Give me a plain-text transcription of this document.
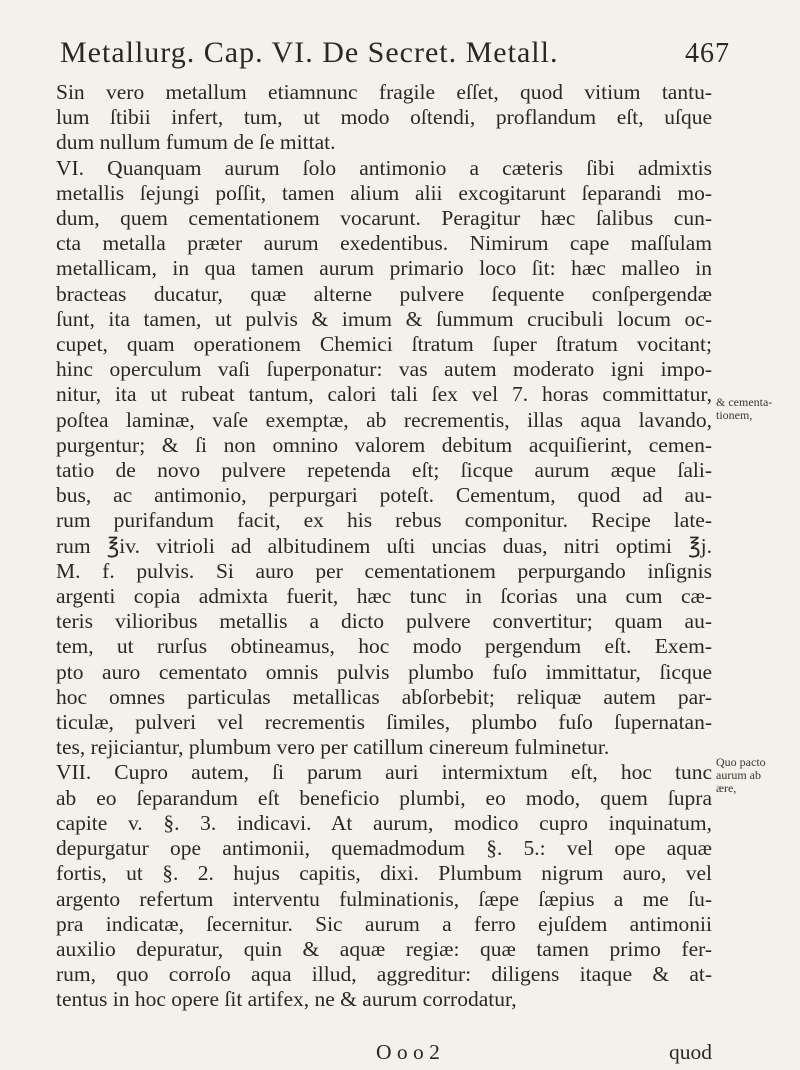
Metallurg. Cap. VI. De Secret. Metall.	467
Sin vero metallum etiamnunc fragile eſſet, quod vitium tantu-
lum ſtibii infert, tum, ut modo oſtendi, proflandum eſt, uſque
dum nullum fumum de ſe mittat.
VI. Quanquam aurum ſolo antimonio a cæteris ſibi admixtis
metallis ſejungi poſſit, tamen alium alii excogitarunt ſeparandi mo-
dum, quem cementationem vocarunt. Peragitur hæc ſalibus cun-
cta metalla præter aurum exedentibus. Nimirum cape maſſulam
metallicam, in qua tamen aurum primario loco ſit: hæc malleo in
bracteas ducatur, quæ alterne pulvere ſequente conſpergendæ
ſunt, ita tamen, ut pulvis & imum & ſummum crucibuli locum oc-
cupet, quam operationem Chemici ſtratum ſuper ſtratum vocitant;
hinc operculum vaſi ſuperponatur: vas autem moderato igni impo-
nitur, ita ut rubeat tantum, calori tali ſex vel 7. horas committatur,
poſtea laminæ, vaſe exemptæ, ab recrementis, illas aqua lavando,
purgentur; & ſi non omnino valorem debitum acquiſierint, cemen-
tatio de novo pulvere repetenda eſt; ſicque aurum æque ſali-
bus, ac antimonio, perpurgari poteſt. Cementum, quod ad au-
rum purifandum facit, ex his rebus componitur. Recipe late-
rum ℥iv. vitrioli ad albitudinem uſti uncias duas, nitri optimi ℥j.
M. f. pulvis. Si auro per cementationem perpurgando inſignis
argenti copia admixta fuerit, hæc tunc in ſcorias una cum cæ-
teris vilioribus metallis a dicto pulvere convertitur; quam au-
tem, ut rurſus obtineamus, hoc modo pergendum eſt. Exem-
pto auro cementato omnis pulvis plumbo fuſo immittatur, ſicque
hoc omnes particulas metallicas abſorbebit; reliquæ autem par-
ticulæ, pulveri vel recrementis ſimiles, plumbo fuſo ſupernatan-
tes, rejiciantur, plumbum vero per catillum cinereum fulminetur.
VII. Cupro autem, ſi parum auri intermixtum eſt, hoc tunc
ab eo ſeparandum eſt beneficio plumbi, eo modo, quem ſupra
capite v. §. 3. indicavi. At aurum, modico cupro inquinatum,
depurgatur ope antimonii, quemadmodum §. 5.: vel ope aquæ
fortis, ut §. 2. hujus capitis, dixi. Plumbum nigrum auro, vel
argento refertum interventu fulminationis, ſæpe ſæpius a me ſu-
pra indicatæ, ſecernitur. Sic aurum a ferro ejuſdem antimonii
auxilio depuratur, quin & aquæ regiæ: quæ tamen primo fer-
rum, quo corroſo aqua illud, aggreditur: diligens itaque & at-
tentus in hoc opere ſit artifex, ne & aurum corrodatur,
& cementa-
tionem,
Quo pacto
aurum ab
ære,
O o o 2	quod
